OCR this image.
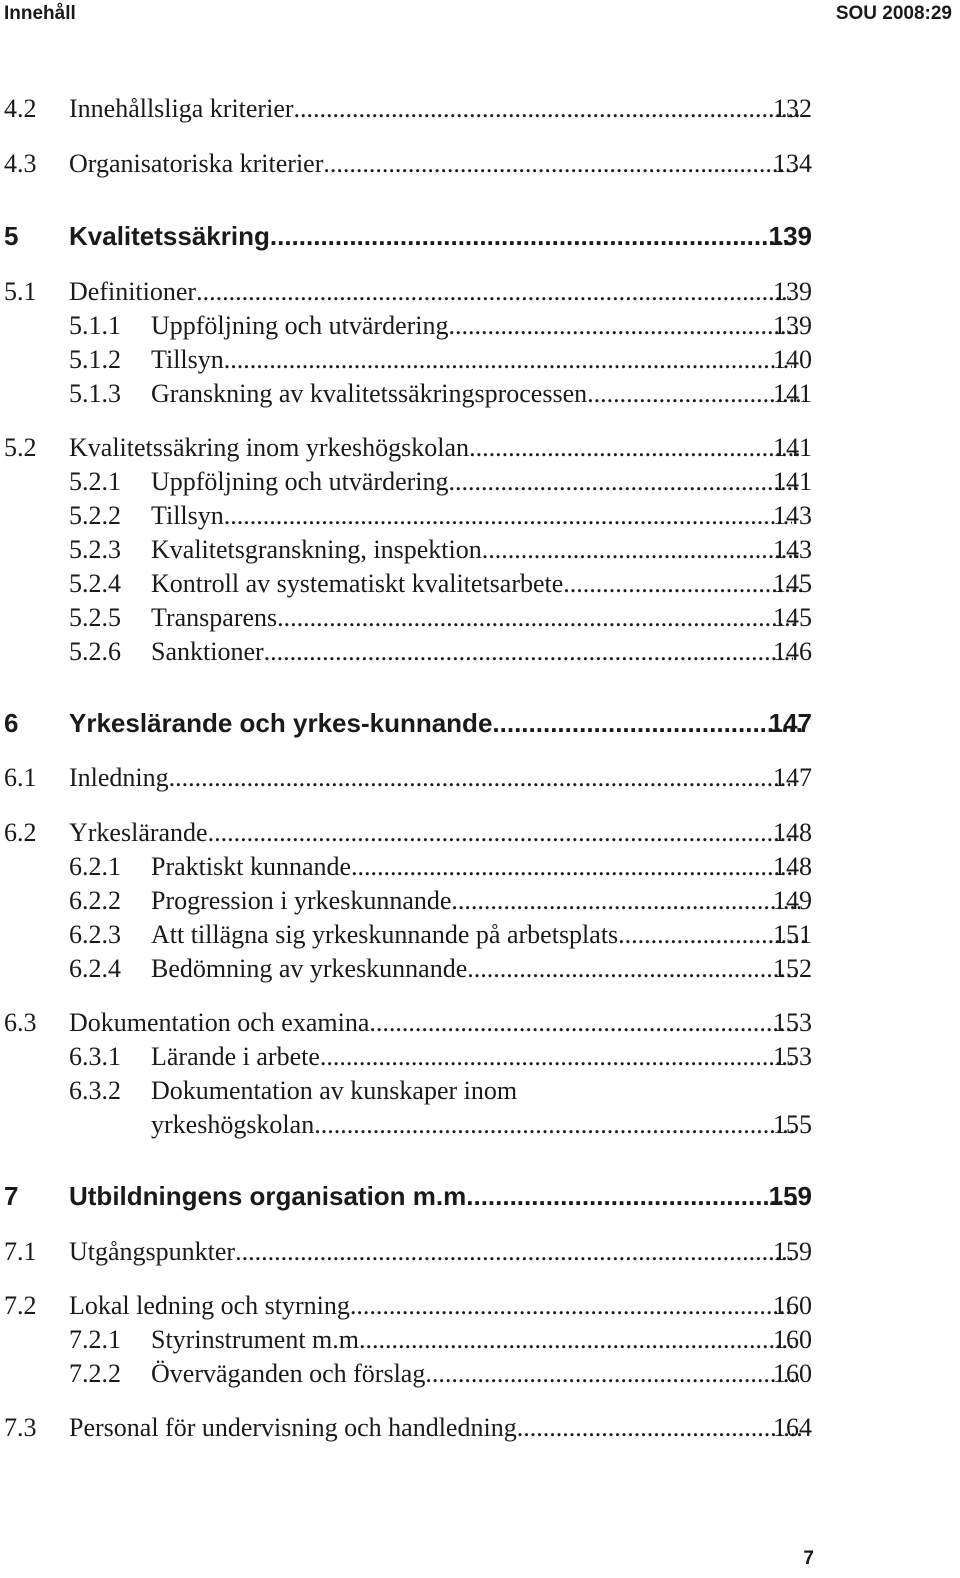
Innehåll	SOU 2008:29
4.2 Innehållsliga kriterier .....	132
4.3 Organisatoriska kriterier .....	134
5 Kvalitetssäkring .....	139
5.1 Definitioner .....	139
5.1.1 Uppföljning och utvärdering .....	139
5.1.2 Tillsyn .....	140
5.1.3 Granskning av kvalitetssäkringsprocessen .....	141
5.2 Kvalitetssäkring inom yrkeshögskolan .....	141
5.2.1 Uppföljning och utvärdering .....	141
5.2.2 Tillsyn .....	143
5.2.3 Kvalitetsgranskning, inspektion .....	143
5.2.4 Kontroll av systematiskt kvalitetsarbete .....	145
5.2.5 Transparens .....	145
5.2.6 Sanktioner .....	146
6 Yrkeslärande och yrkes-kunnande .....	147
6.1 Inledning .....	147
6.2 Yrkeslärande .....	148
6.2.1 Praktiskt kunnande .....	148
6.2.2 Progression i yrkeskunnande .....	149
6.2.3 Att tillägna sig yrkeskunnande på arbetsplats .....	151
6.2.4 Bedömning av yrkeskunnande .....	152
6.3 Dokumentation och examina .....	153
6.3.1 Lärande i arbete .....	153
6.3.2 Dokumentation av kunskaper inom
yrkeshögskolan .....	155
7 Utbildningens organisation m.m. .....	159
7.1 Utgångspunkter .....	159
7.2 Lokal ledning och styrning .....	160
7.2.1 Styrinstrument m.m. .....	160
7.2.2 Överväganden och förslag .....	160
7.3 Personal för undervisning och handledning .....	164
7
